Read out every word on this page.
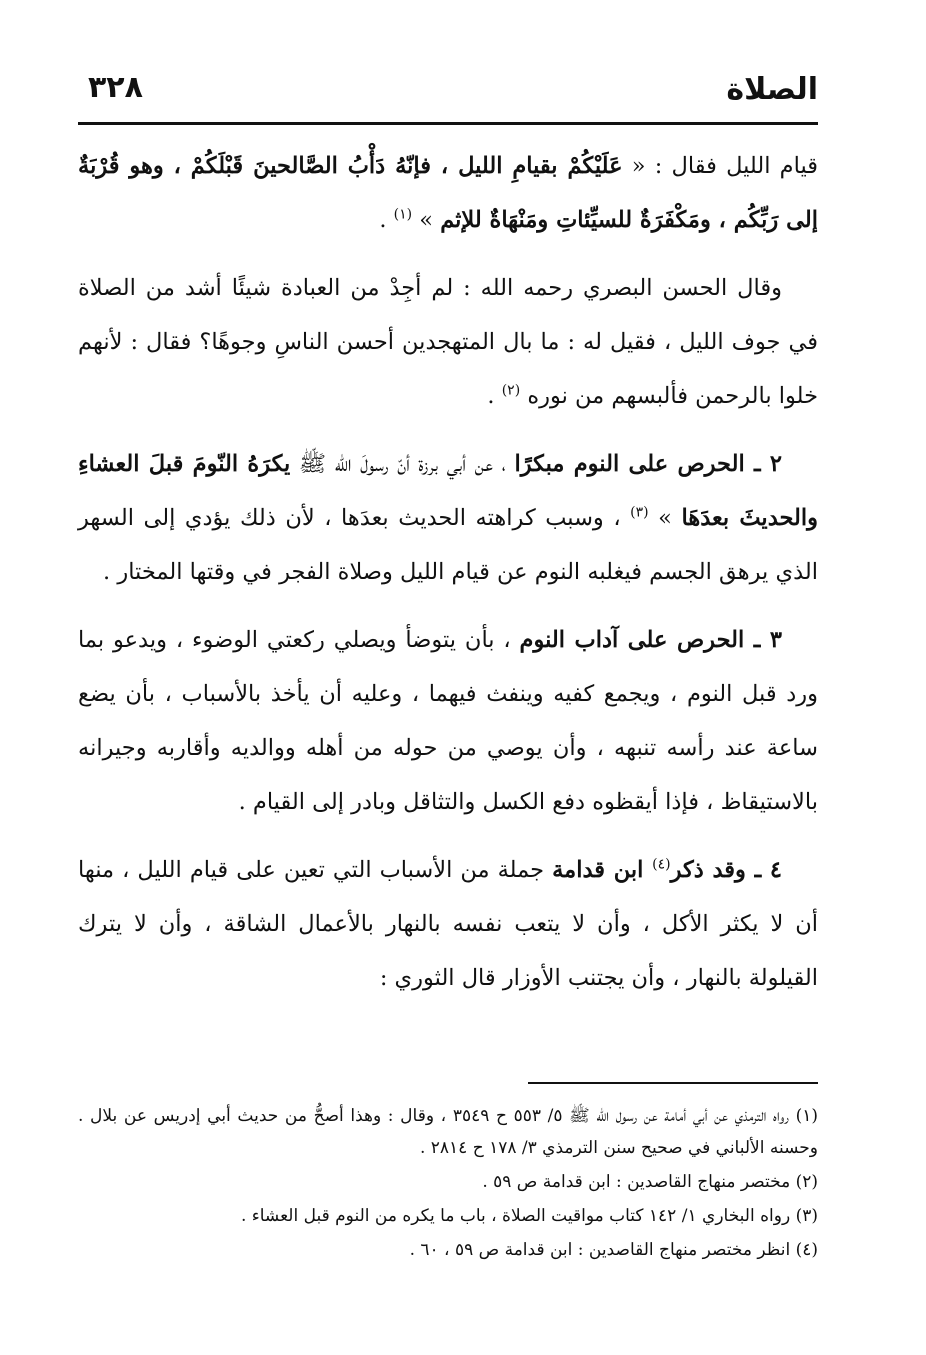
الصلاة
٣٢٨

قيام الليل فقال : « عَلَيْكُمْ بقيامِ الليل ، فإنّهُ دَأْبُ الصَّالحينَ قَبْلَكُمْ ، وهو قُرْبَةٌ إلى رَبِّكُم ، ومَكْفَرَةٌ للسيِّئاتِ ومَنْهَاةٌ للإثم » $^{(١)}$ .

وقال الحسن البصري رحمه الله : لم أجِدْ من العبادة شيئًا أشد من الصلاة في جوف الليل ، فقيل له : ما بال المتهجدين أحسن الناسِ وجوهًا؟ فقال : لأنهم خلوا بالرحمن فألبسهم من نوره $^{(٢)}$ .

٢ ـ الحرص على النوم مبكرًا ، عن أبي برزة أنّ رسولَ الله ﷺ يكرَهُ النّومَ قبلَ العشاءِ والحديثَ بعدَهَا » $^{(٣)}$ ، وسبب كراهته الحديث بعدَها ، لأن ذلك يؤدي إلى السهر الذي يرهق الجسم فيغلبه النوم عن قيام الليل وصلاة الفجر في وقتها المختار .

٣ ـ الحرص على آداب النوم ، بأن يتوضأ ويصلي ركعتي الوضوء ، ويدعو بما ورد قبل النوم ، ويجمع كفيه وينفث فيهما ، وعليه أن يأخذ بالأسباب ، بأن يضع ساعة عند رأسه تنبهه ، وأن يوصي من حوله من أهله ووالديه وأقاربه وجيرانه بالاستيقاظ ، فإذا أيقظوه دفع الكسل والتثاقل وبادر إلى القيام .

٤ ـ وقد ذكر$^{(٤)}$ ابن قدامة جملة من الأسباب التي تعين على قيام الليل ، منها أن لا يكثر الأكل ، وأن لا يتعب نفسه بالنهار بالأعمال الشاقة ، وأن لا يترك القيلولة بالنهار ، وأن يجتنب الأوزار قال الثوري :

(١) رواه الترمذي عن أبي أمامة عن رسول الله ﷺ ٥/ ٥٥٣ ح ٣٥٤٩ ، وقال : وهذا أصحُّ من حديث أبي إدريس عن بلال . وحسنه الألباني في صحيح سنن الترمذي ٣/ ١٧٨ ح ٢٨١٤ .

(٢) مختصر منهاج القاصدين : ابن قدامة ص ٥٩ .

(٣) رواه البخاري ١/ ١٤٢ كتاب مواقيت الصلاة ، باب ما يكره من النوم قبل العشاء .

(٤) انظر مختصر منهاج القاصدين : ابن قدامة ص ٥٩ ، ٦٠ .
